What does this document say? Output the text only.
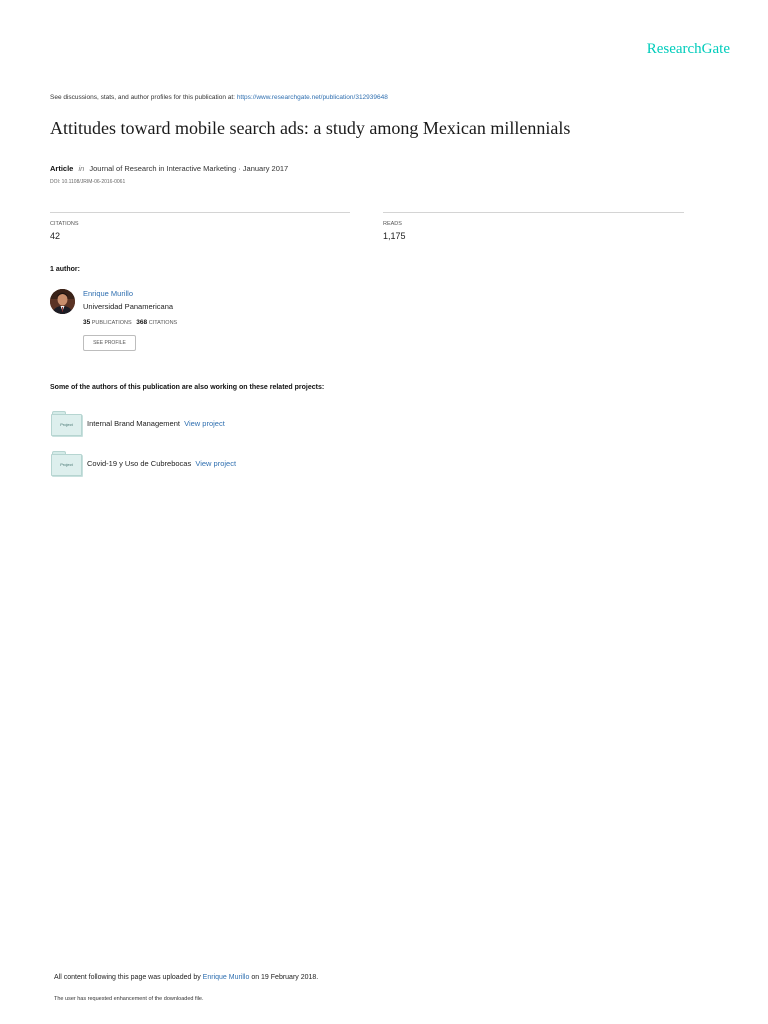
ResearchGate
See discussions, stats, and author profiles for this publication at: https://www.researchgate.net/publication/312939648
Attitudes toward mobile search ads: a study among Mexican millennials
Article in Journal of Research in Interactive Marketing · January 2017
DOI: 10.1108/JRIM-06-2016-0061
CITATIONS
42
READS
1,175
1 author:
Enrique Murillo
Universidad Panamericana
35 PUBLICATIONS 368 CITATIONS
SEE PROFILE
Some of the authors of this publication are also working on these related projects:
Project	Internal Brand Management View project
Project	Covid-19 y Uso de Cubrebocas View project
All content following this page was uploaded by Enrique Murillo on 19 February 2018.
The user has requested enhancement of the downloaded file.
